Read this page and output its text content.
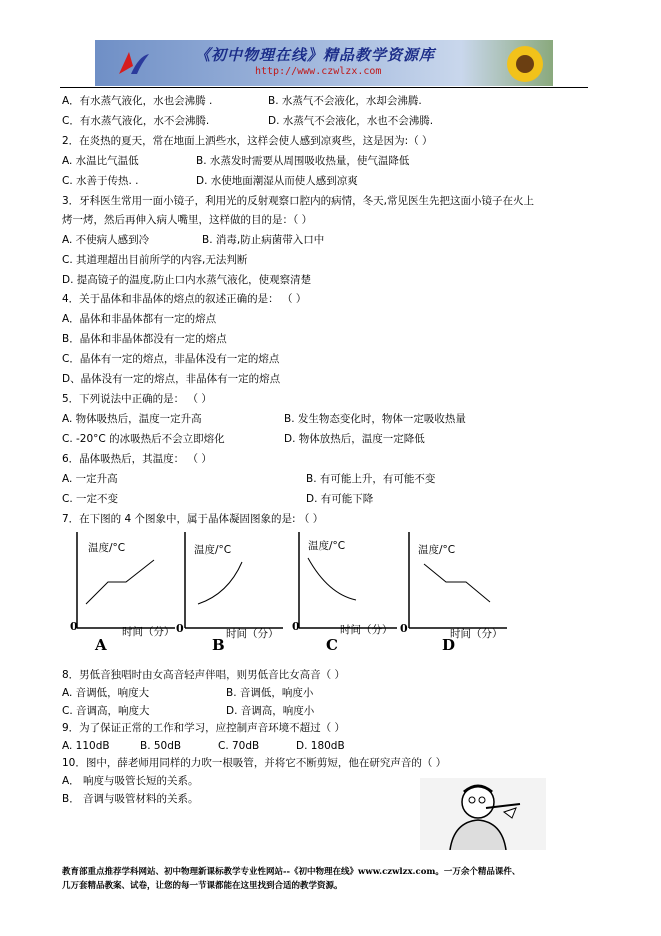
《初中物理在线》精品教学资源库
http://www.czwlzx.com
A．有水蒸气液化，水也会沸腾 .	B. 水蒸气不会液化，水却会沸腾.
C．有水蒸气液化，水不会沸腾.	D. 水蒸气不会液化，水也不会沸腾.
2．在炎热的夏天，常在地面上洒些水，这样会使人感到凉爽些，这是因为:（ ）
A. 水温比气温低	B. 水蒸发时需要从周围吸收热量，使气温降低
C. 水善于传热. .	D. 水使地面潮湿从而使人感到凉爽
3．牙科医生常用一面小镜子，利用光的反射观察口腔内的病情，冬天,常见医生先把这面小镜子在火上
烤一烤，然后再伸入病人嘴里，这样做的目的是：（ ）
A. 不使病人感到冷	B. 消毒,防止病菌带入口中
C. 其道理超出目前所学的内容,无法判断
D. 提高镜子的温度,防止口内水蒸气液化，使观察清楚
4．关于晶体和非晶体的熔点的叙述正确的是： （ ）
A．晶体和非晶体都有一定的熔点
B．晶体和非晶体都没有一定的熔点
C．晶体有一定的熔点，非晶体没有一定的熔点
D、晶体没有一定的熔点，非晶体有一定的熔点
5．下列说法中正确的是： （ ）
A. 物体吸热后，温度一定升高	B. 发生物态变化时，物体一定吸收热量
C. -20°C 的冰吸热后不会立即熔化	D. 物体放热后，温度一定降低
6．晶体吸热后，其温度： （ ）
A. 一定升高	B. 有可能上升，有可能不变
C. 一定不变	D. 有可能下降
7．在下图的 4 个图象中，属于晶体凝固图象的是: （ ）
温度/°C
时间（分）
0
A
温度/°C
时间（分）
0
B
温度/°C
时间（分）
0
C
温度/°C
时间（分）
0
D
8．男低音独唱时由女高音轻声伴唱，则男低音比女高音（ ）
A. 音调低，响度大	B. 音调低，响度小
C. 音调高，响度大	D. 音调高，响度小
9．为了保证正常的工作和学习，应控制声音环境不超过（ ）
A. 110dB	B. 50dB	C. 70dB	D. 180dB
10．图中，薛老师用同样的力吹一根吸管，并将它不断剪短，他在研究声音的（ ）
A． 响度与吸管长短的关系。
B． 音调与吸管材料的关系。
教育部重点推荐学科网站、初中物理新课标教学专业性网站--《初中物理在线》www.czwlzx.com。一万余个精品课件、
几万套精品教案、试卷，让您的每一节课都能在这里找到合适的教学资源。
